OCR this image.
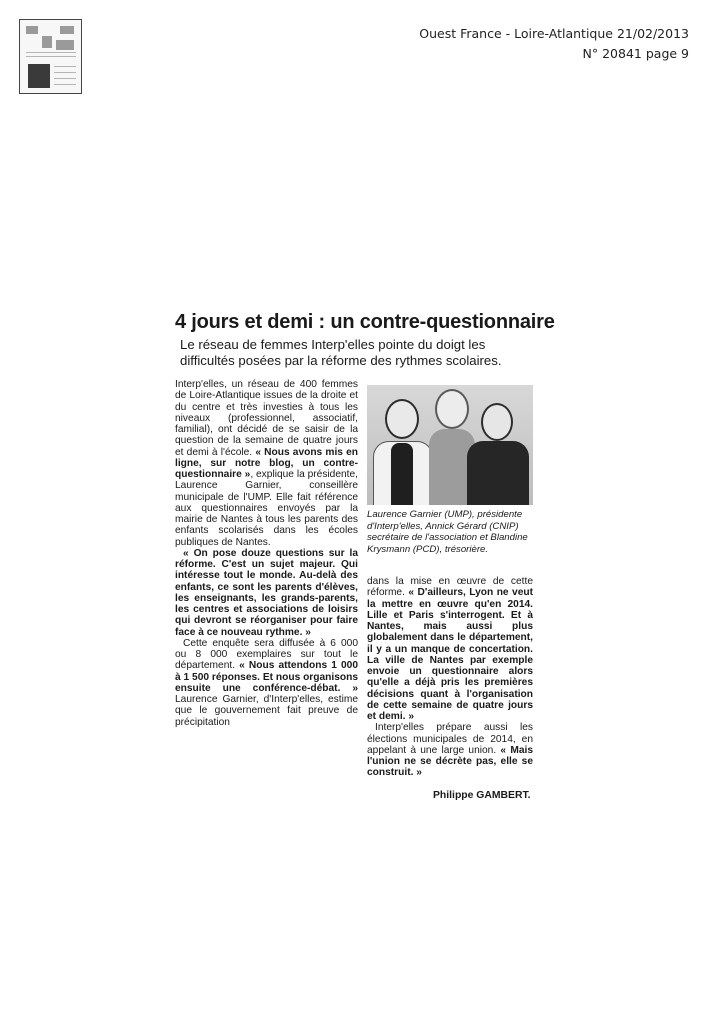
Ouest France - Loire-Atlantique 21/02/2013
N° 20841 page 9
4 jours et demi : un contre-questionnaire
Le réseau de femmes Interp'elles pointe du doigt les difficultés posées par la réforme des rythmes scolaires.

Interp'elles, un réseau de 400 femmes de Loire-Atlantique issues de la droite et du centre et très investies à tous les niveaux (professionnel, associatif, familial), ont décidé de se saisir de la question de la semaine de quatre jours et demi à l'école. « Nous avons mis en ligne, sur notre blog, un contre-questionnaire », explique la présidente, Laurence Garnier, conseillère municipale de l'UMP. Elle fait référence aux questionnaires envoyés par la mairie de Nantes à tous les parents des enfants scolarisés dans les écoles publiques de Nantes.

« On pose douze questions sur la réforme. C'est un sujet majeur. Qui intéresse tout le monde. Au-delà des enfants, ce sont les parents d'élèves, les enseignants, les grands-parents, les centres et associations de loisirs qui devront se réorganiser pour faire face à ce nouveau rythme. »

Cette enquête sera diffusée à 6 000 ou 8 000 exemplaires sur tout le département. « Nous attendons 1 000 à 1 500 réponses. Et nous organisons ensuite une conférence-débat. » Laurence Garnier, d'Interp'elles, estime que le gouvernement fait preuve de précipitation

Laurence Garnier (UMP), présidente d'Interp'elles, Annick Gérard (CNIP) secrétaire de l'association et Blandine Krysmann (PCD), trésorière.

dans la mise en œuvre de cette réforme. « D'ailleurs, Lyon ne veut la mettre en œuvre qu'en 2014. Lille et Paris s'interrogent. Et à Nantes, mais aussi plus globalement dans le département, il y a un manque de concertation. La ville de Nantes par exemple envoie un questionnaire alors qu'elle a déjà pris les premières décisions quant à l'organisation de cette semaine de quatre jours et demi. »

Interp'elles prépare aussi les élections municipales de 2014, en appelant à une large union. « Mais l'union ne se décrète pas, elle se construit. »

Philippe GAMBERT.
